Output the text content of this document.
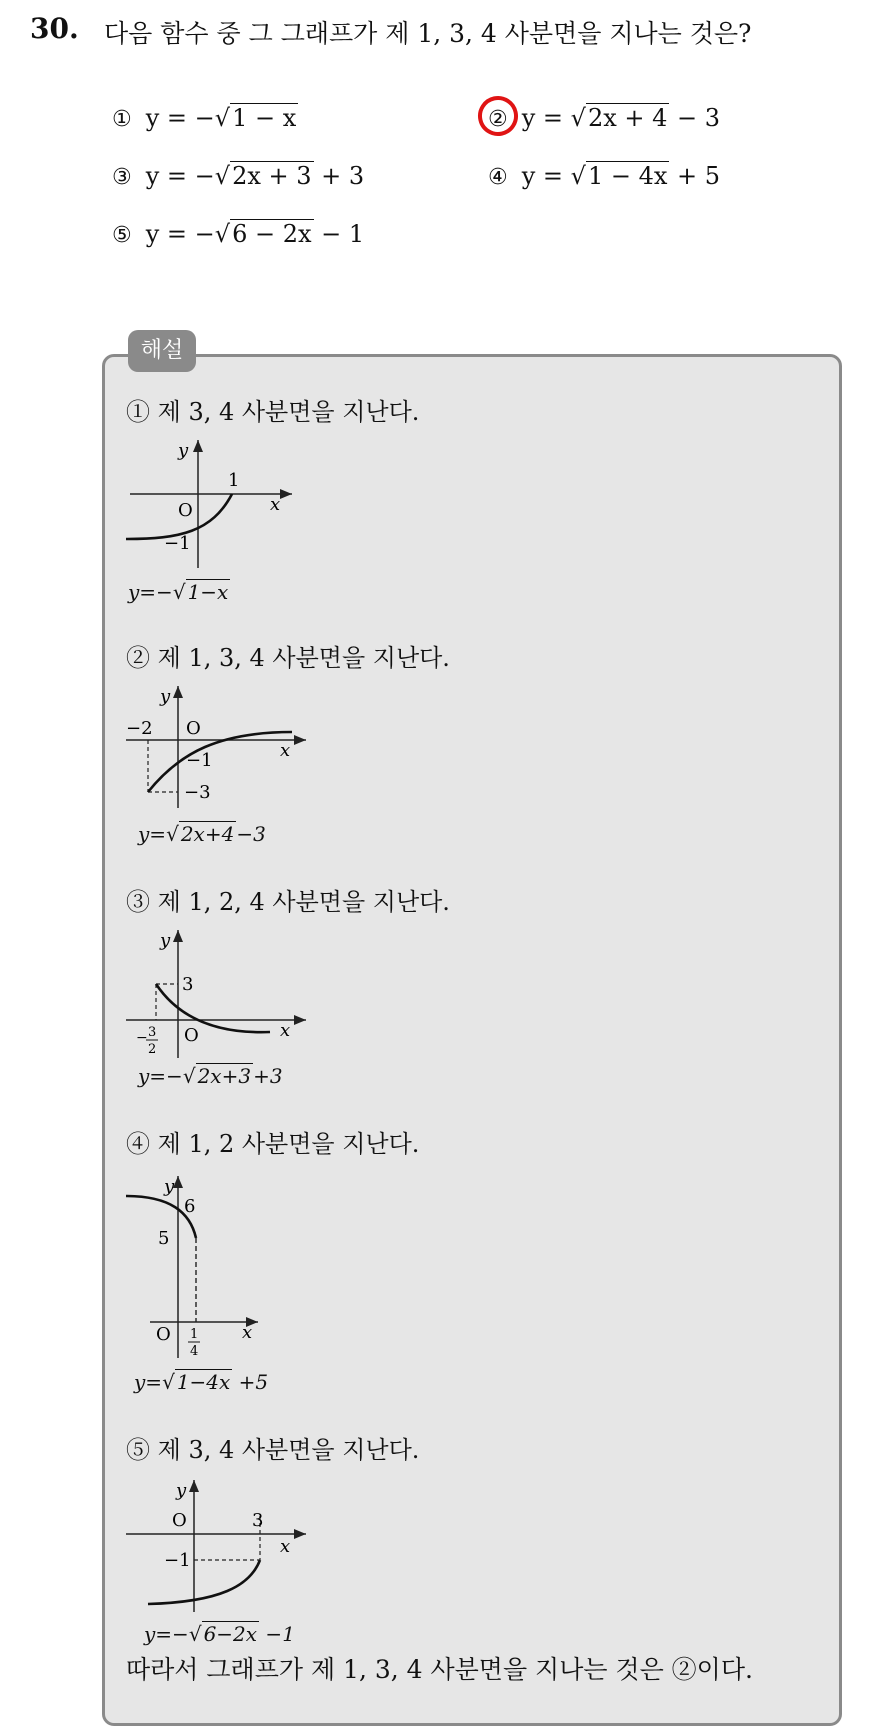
30. 다음 함수 중 그 그래프가 제 1, 3, 4 사분면을 지나는 것은?
① y = −√1 − x	② y = √2x + 4 − 3
③ y = −√2x + 3 + 3	④ y = √1 − 4x + 5
⑤ y = −√6 − 2x − 1
해설
① 제 3, 4 사분면을 지난다.
y
x
O
1
−1
y=−√ 1−x
② 제 1, 3, 4 사분면을 지난다.
y
x
O
−2
−1
−3
y=√ 2x+4 −3
③ 제 1, 2, 4 사분면을 지난다.
y
x
O
3
− 3
2
y=−√ 2x+3 +3
④ 제 1, 2 사분면을 지난다.
y
x
O
6
5
1
4
y=√ 1−4x +5
⑤ 제 3, 4 사분면을 지난다.
y
x
O	3
−1
y=−√ 6−2x −1
따라서 그래프가 제 1, 3, 4 사분면을 지나는 것은 ②이다.
